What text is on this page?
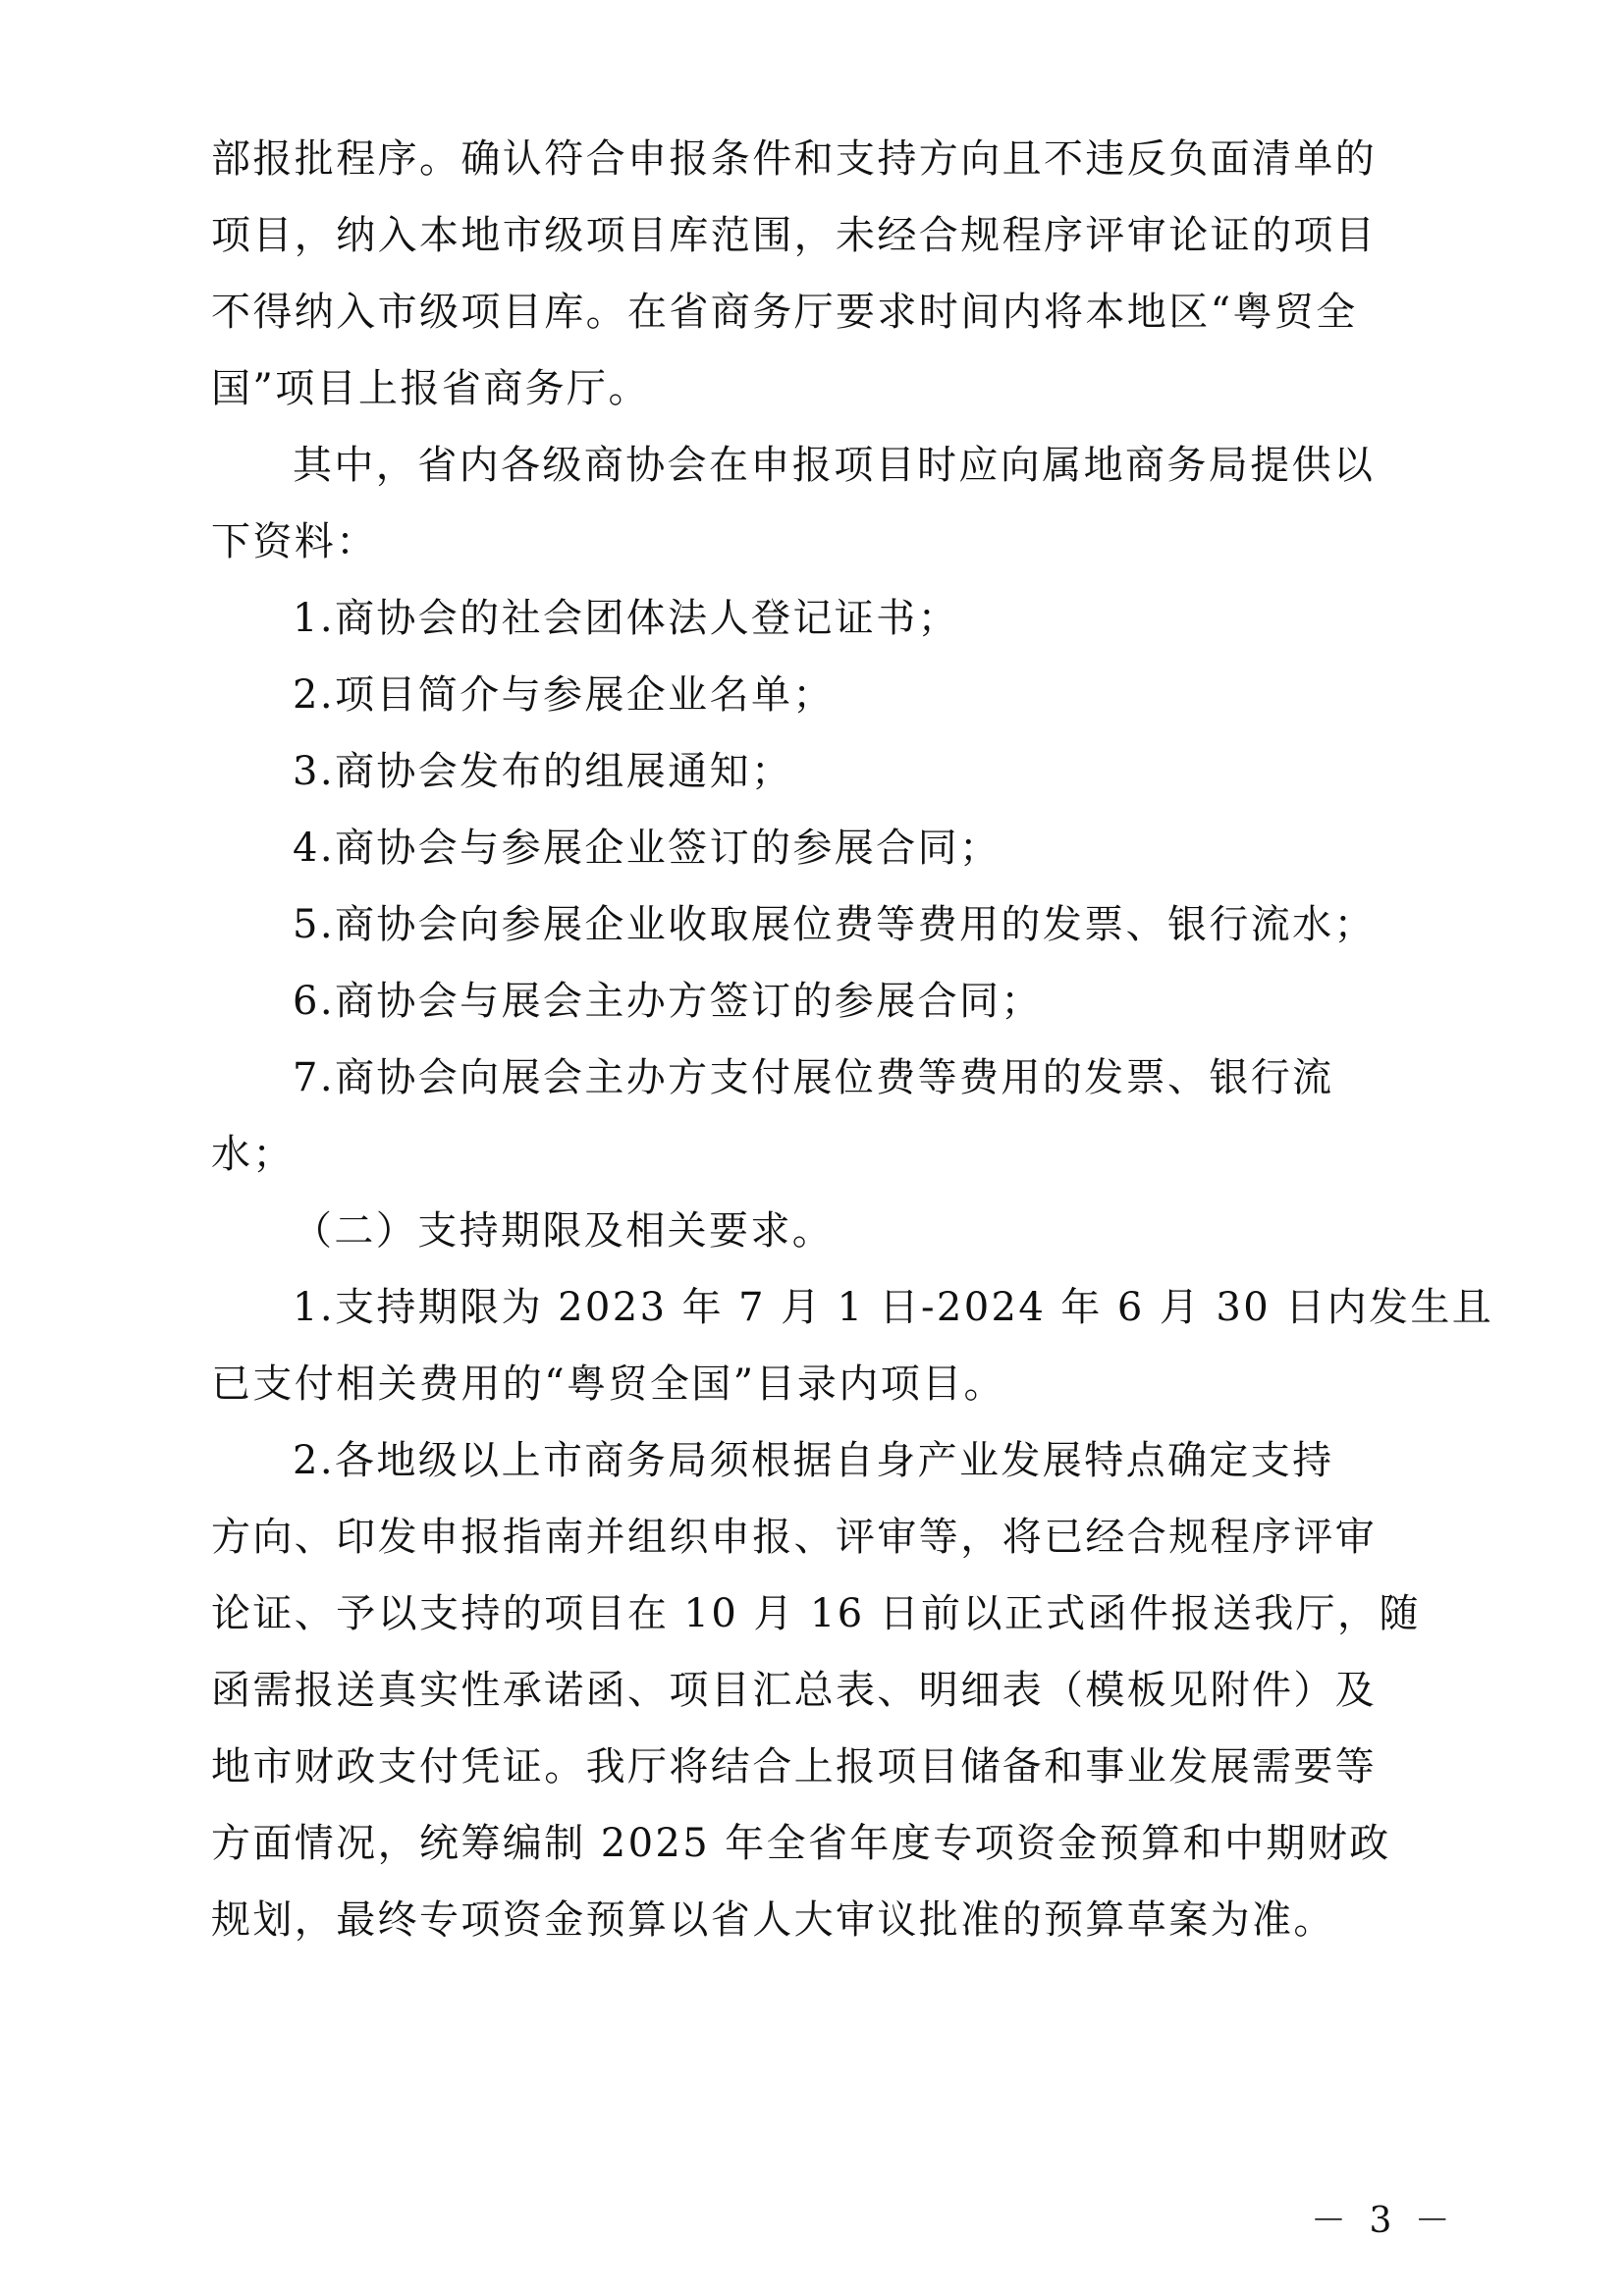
部报批程序。确认符合申报条件和支持方向且不违反负面清单的
项目，纳入本地市级项目库范围，未经合规程序评审论证的项目
不得纳入市级项目库。在省商务厅要求时间内将本地区“粤贸全
国”项目上报省商务厅。
其中，省内各级商协会在申报项目时应向属地商务局提供以
下资料：
1.商协会的社会团体法人登记证书；
2.项目简介与参展企业名单；
3.商协会发布的组展通知；
4.商协会与参展企业签订的参展合同；
5.商协会向参展企业收取展位费等费用的发票、银行流水；
6.商协会与展会主办方签订的参展合同；
7.商协会向展会主办方支付展位费等费用的发票、银行流
水；
（二）支持期限及相关要求。
1.支持期限为 2023 年 7 月 1 日-2024 年 6 月 30 日内发生且
已支付相关费用的“粤贸全国”目录内项目。
2.各地级以上市商务局须根据自身产业发展特点确定支持
方向、印发申报指南并组织申报、评审等，将已经合规程序评审
论证、予以支持的项目在 10 月 16 日前以正式函件报送我厅，随
函需报送真实性承诺函、项目汇总表、明细表（模板见附件）及
地市财政支付凭证。我厅将结合上报项目储备和事业发展需要等
方面情况，统筹编制 2025 年全省年度专项资金预算和中期财政
规划，最终专项资金预算以省人大审议批准的预算草案为准。
－ 3 －
